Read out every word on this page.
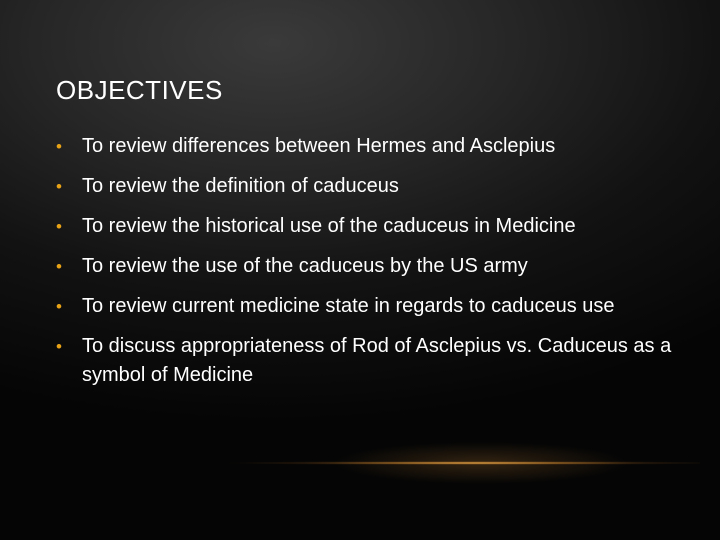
OBJECTIVES
• To review differences between Hermes and Asclepius
• To review the definition of caduceus
• To review the historical use of the caduceus in Medicine
• To review the use of the caduceus by the US army
• To review current medicine state in regards to caduceus use
• To discuss appropriateness of Rod of Asclepius vs. Caduceus as a symbol of Medicine
